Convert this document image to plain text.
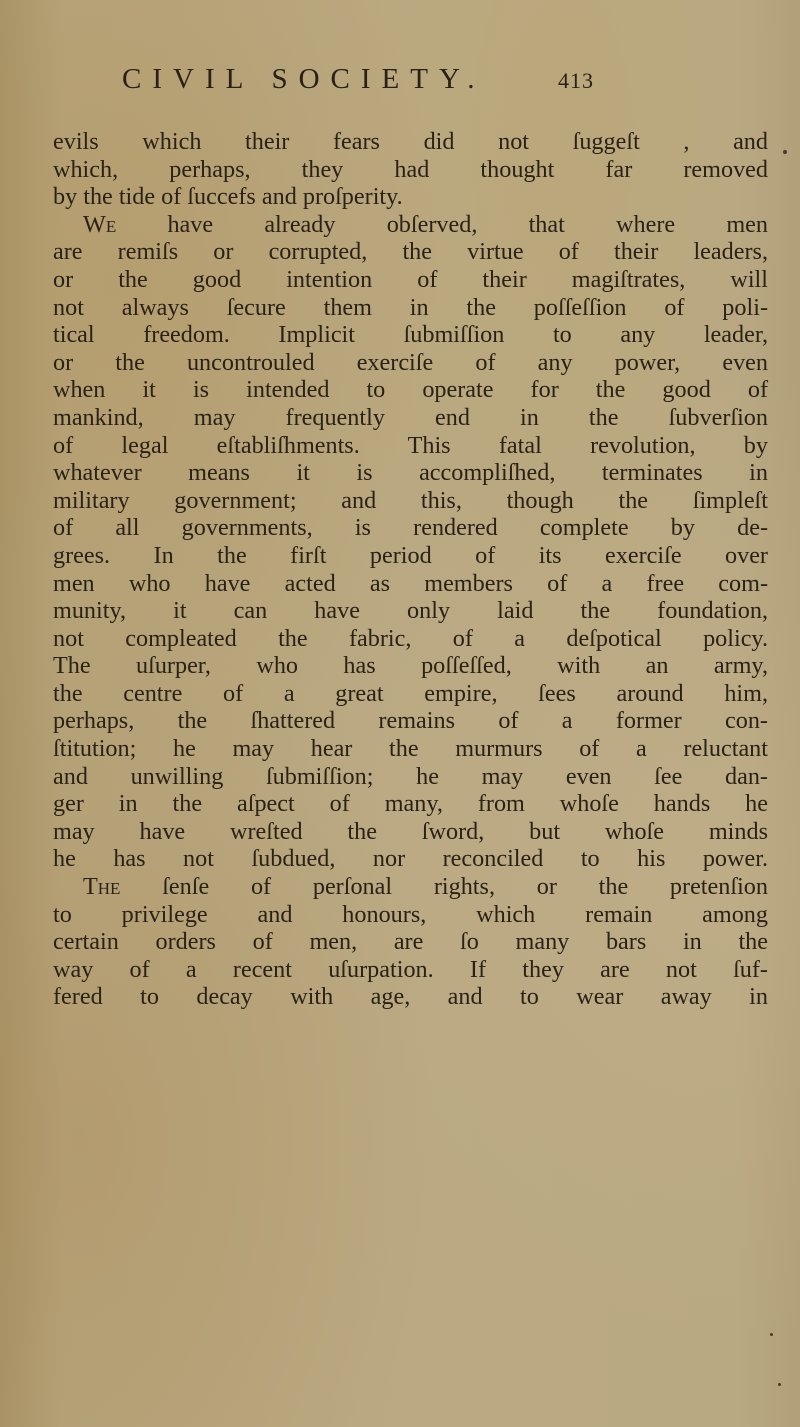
CIVIL SOCIETY.	413
evils which their fears did not ſuggeſt , and
which, perhaps, they had thought far removed
by the tide of ſuccefs and proſperity.
We have already obſerved, that where men
are remiſs or corrupted, the virtue of their leaders,
or the good intention of their magiſtrates, will
not always ſecure them in the poſſeſſion of poli-
tical freedom. Implicit ſubmiſſion to any leader,
or the uncontrouled exerciſe of any power, even
when it is intended to operate for the good of
mankind, may frequently end in the ſubverſion
of legal eſtabliſhments. This fatal revolution, by
whatever means it is accompliſhed, terminates in
military government; and this, though the ſimpleſt
of all governments, is rendered complete by de-
grees. In the firſt period of its exerciſe over
men who have acted as members of a free com-
munity, it can have only laid the foundation,
not compleated the fabric, of a deſpotical policy.
The uſurper, who has poſſeſſed, with an army,
the centre of a great empire, ſees around him,
perhaps, the ſhattered remains of a former con-
ſtitution; he may hear the murmurs of a reluctant
and unwilling ſubmiſſion; he may even ſee dan-
ger in the aſpect of many, from whoſe hands he
may have wreſted the ſword, but whoſe minds
he has not ſubdued, nor reconciled to his power.
The ſenſe of perſonal rights, or the pretenſion
to privilege and honours, which remain among
certain orders of men, are ſo many bars in the
way of a recent uſurpation. If they are not ſuf-
fered to decay with age, and to wear away in
